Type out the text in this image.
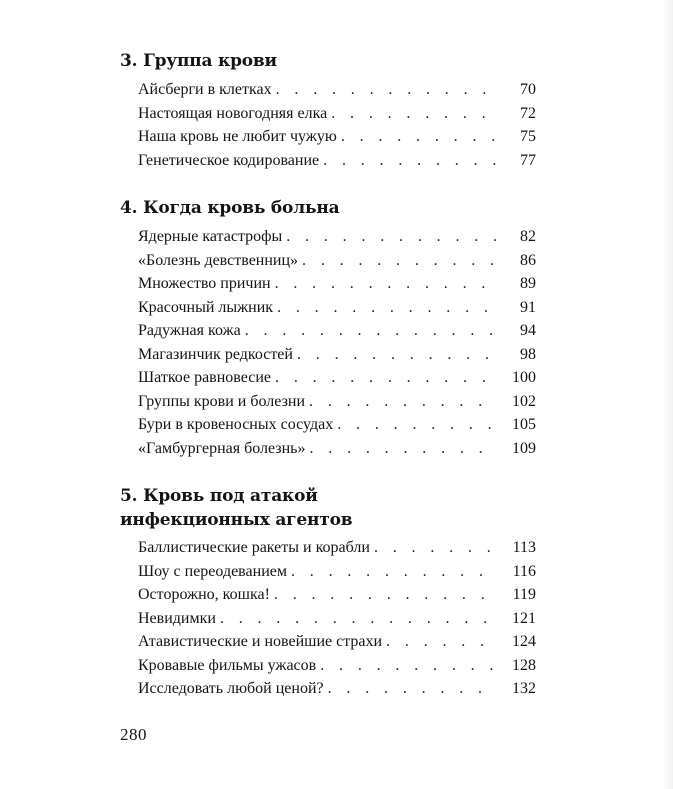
3. Группа крови
Айсберги в клетках . . .	70
Настоящая новогодняя елка . . .	72
Наша кровь не любит чужую . . .	75
Генетическое кодирование . . .	77
4. Когда кровь больна
Ядерные катастрофы . . .	82
«Болезнь девственниц» . . .	86
Множество причин . . .	89
Красочный лыжник . . .	91
Радужная кожа . . .	94
Магазинчик редкостей . . .	98
Шаткое равновесие . . .	100
Группы крови и болезни . . .	102
Бури в кровеносных сосудах . . .	105
«Гамбургерная болезнь» . . .	109
5. Кровь под атакой
инфекционных агентов
Баллистические ракеты и корабли . . .	113
Шоу с переодеванием . . .	116
Осторожно, кошка! . . .	119
Невидимки . . .	121
Атавистические и новейшие страхи . . .	124
Кровавые фильмы ужасов . . .	128
Исследовать любой ценой? . . .	132
280
